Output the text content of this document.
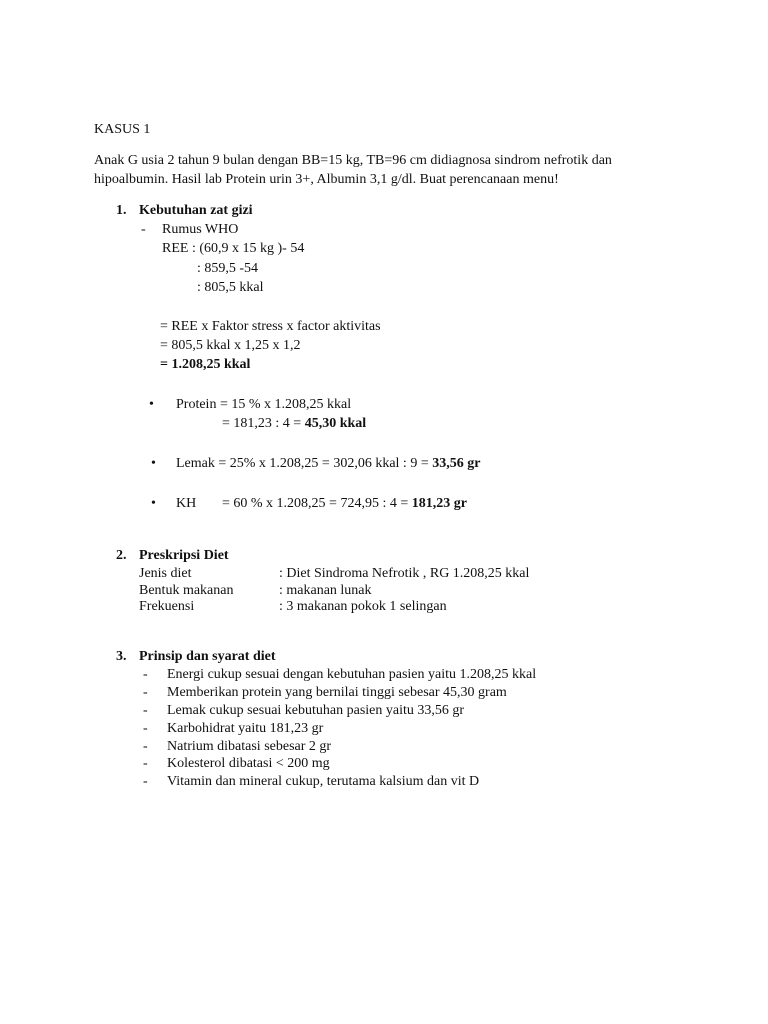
KASUS 1
Anak G usia 2 tahun 9 bulan dengan BB=15 kg, TB=96 cm didiagnosa sindrom nefrotik dan
hipoalbumin. Hasil lab Protein urin 3+, Albumin 3,1 g/dl. Buat perencanaan menu!
1. Kebutuhan zat gizi
- Rumus WHO
REE : (60,9 x 15 kg )- 54
: 859,5 -54
: 805,5 kkal
= REE x Faktor stress x factor aktivitas
= 805,5 kkal x 1,25 x 1,2
= 1.208,25 kkal
• Protein = 15 % x 1.208,25 kkal
= 181,23 : 4 = 45,30 kkal
• Lemak = 25% x 1.208,25 = 302,06 kkal : 9 = 33,56 gr
• KH = 60 % x 1.208,25 = 724,95 : 4 = 181,23 gr
2. Preskripsi Diet
Jenis diet	: Diet Sindroma Nefrotik , RG 1.208,25 kkal
Bentuk makanan	: makanan lunak
Frekuensi	: 3 makanan pokok 1 selingan
3. Prinsip dan syarat diet
- Energi cukup sesuai dengan kebutuhan pasien yaitu 1.208,25 kkal
- Memberikan protein yang bernilai tinggi sebesar 45,30 gram
- Lemak cukup sesuai kebutuhan pasien yaitu 33,56 gr
- Karbohidrat yaitu 181,23 gr
- Natrium dibatasi sebesar 2 gr
- Kolesterol dibatasi < 200 mg
- Vitamin dan mineral cukup, terutama kalsium dan vit D
